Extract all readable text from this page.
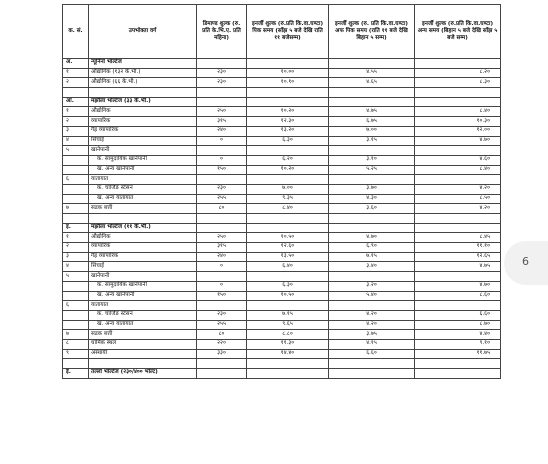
क. सं.	उपभोक्ता वर्ग	डिमाण्ड शुल्क (रु. प्रति के.भि.ए. प्रति महिना)	इनर्जी शुल्क (रु.प्रति कि.वा.घण्टा) पिक समय (साँझ ५ बजे देखि राति ११ बजेसम्म)	इनर्जी शुल्क (रु. प्रति कि.वा.घण्टा) अफ पिक समय (राति ११ बजे देखि बिहान ५ सम्म)	इनर्जी शुल्क (रु.प्रति कि.वा.घण्टा) अन्य समय (बिहान ५ बजे देखि साँझ ५ बजे सम्म)
अ.	न्यूनिनो भोल्टेज				
१	औद्योगिक (१३२ के.भी.)	२३०	१०.००	४.५५	८.२०
२	औद्योगिक (६६ के.भी.)	२३०	१०.१०	४.६५	८.३०

आ.	मझौला भोल्टेज (३३ के.भी.)				
१	औद्योगिक	२५०	१०.२०	४.७५	८.४०
२	व्यापारिक	३१५	१२.३०	६.७५	१०.३०
३	गैह्र व्यापारिक	२४०	१३.२०	७.००	१२.००
४	सिंचाई	०	६.३०	३.१५	४.७०
५	खानेपानी				
	क. सामुदायिक खानेपानी	०	६.२०	३.१०	४.६०
	ख. अन्य खानेपानी	१५०	१०.२०	५.२५	८.४०
६	यातायात				
	क. चार्जिङ स्टेसन	२३०	७.००	३.७०	४.२०
	ख. अन्य यातायात	२५५	९.३५	४.३०	८.५०
७	सडक बत्ती	८०	८.४०	३.६०	४.२०

इ.	मझौला भोल्टेज (११ के.भी.)				
१	औद्योगिक	२५०	१०.५०	४.७०	८.४५
२	व्यापारिक	३१५	१२.६०	६.९०	११.१०
३	गैह्र व्यापारिक	२४०	१३.५०	७.१५	१२.६५
४	सिंचाई	०	६.४०	३.४०	४.७५
५	खानेपानी				
	क. सामुदायिक खानेपानी	०	६.३०	३.२०	४.७०
	ख. अन्य खानेपानी	१५०	१०.५०	५.४०	८.६०
६	यातायात				
	क. चार्जिङ स्टेसन	२३०	७.१५	४.२०	६.६०
	ख. अन्य यातायात	२५५	९.६५	४.२०	८.७०
७	सडक बत्ती	८०	८.८०	३.७५	४.४०
८	धार्मिक स्थल	२२०	११.३०	४.१५	९.१०
९	अस्थायी	३३०	१४.४०	६.६०	११.७५

ई.	तल्लो भोल्टेज (२३०/४०० भोल्ट)				
6
